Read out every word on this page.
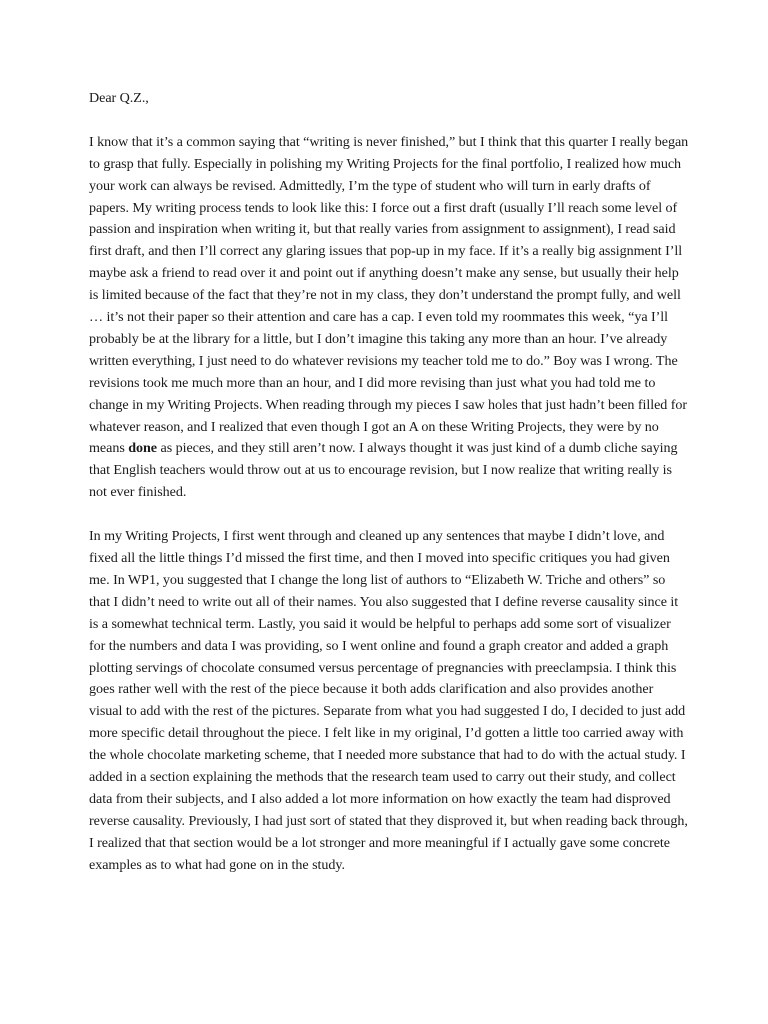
Dear Q.Z.,

I know that it’s a common saying that “writing is never finished,” but I think that this quarter I really began to grasp that fully. Especially in polishing my Writing Projects for the final portfolio, I realized how much your work can always be revised. Admittedly, I’m the type of student who will turn in early drafts of papers. My writing process tends to look like this: I force out a first draft (usually I’ll reach some level of passion and inspiration when writing it, but that really varies from assignment to assignment), I read said first draft, and then I’ll correct any glaring issues that pop-up in my face. If it’s a really big assignment I’ll maybe ask a friend to read over it and point out if anything doesn’t make any sense, but usually their help is limited because of the fact that they’re not in my class, they don’t understand the prompt fully, and well … it’s not their paper so their attention and care has a cap. I even told my roommates this week, “ya I’ll probably be at the library for a little, but I don’t imagine this taking any more than an hour. I’ve already written everything, I just need to do whatever revisions my teacher told me to do.” Boy was I wrong. The revisions took me much more than an hour, and I did more revising than just what you had told me to change in my Writing Projects. When reading through my pieces I saw holes that just hadn’t been filled for whatever reason, and I realized that even though I got an A on these Writing Projects, they were by no means done as pieces, and they still aren’t now. I always thought it was just kind of a dumb cliche saying that English teachers would throw out at us to encourage revision, but I now realize that writing really is not ever finished.

In my Writing Projects, I first went through and cleaned up any sentences that maybe I didn’t love, and fixed all the little things I’d missed the first time, and then I moved into specific critiques you had given me. In WP1, you suggested that I change the long list of authors to “Elizabeth W. Triche and others” so that I didn’t need to write out all of their names. You also suggested that I define reverse causality since it is a somewhat technical term. Lastly, you said it would be helpful to perhaps add some sort of visualizer for the numbers and data I was providing, so I went online and found a graph creator and added a graph plotting servings of chocolate consumed versus percentage of pregnancies with preeclampsia. I think this goes rather well with the rest of the piece because it both adds clarification and also provides another visual to add with the rest of the pictures. Separate from what you had suggested I do, I decided to just add more specific detail throughout the piece. I felt like in my original, I’d gotten a little too carried away with the whole chocolate marketing scheme, that I needed more substance that had to do with the actual study. I added in a section explaining the methods that the research team used to carry out their study, and collect data from their subjects, and I also added a lot more information on how exactly the team had disproved reverse causality. Previously, I had just sort of stated that they disproved it, but when reading back through, I realized that that section would be a lot stronger and more meaningful if I actually gave some concrete examples as to what had gone on in the study.
